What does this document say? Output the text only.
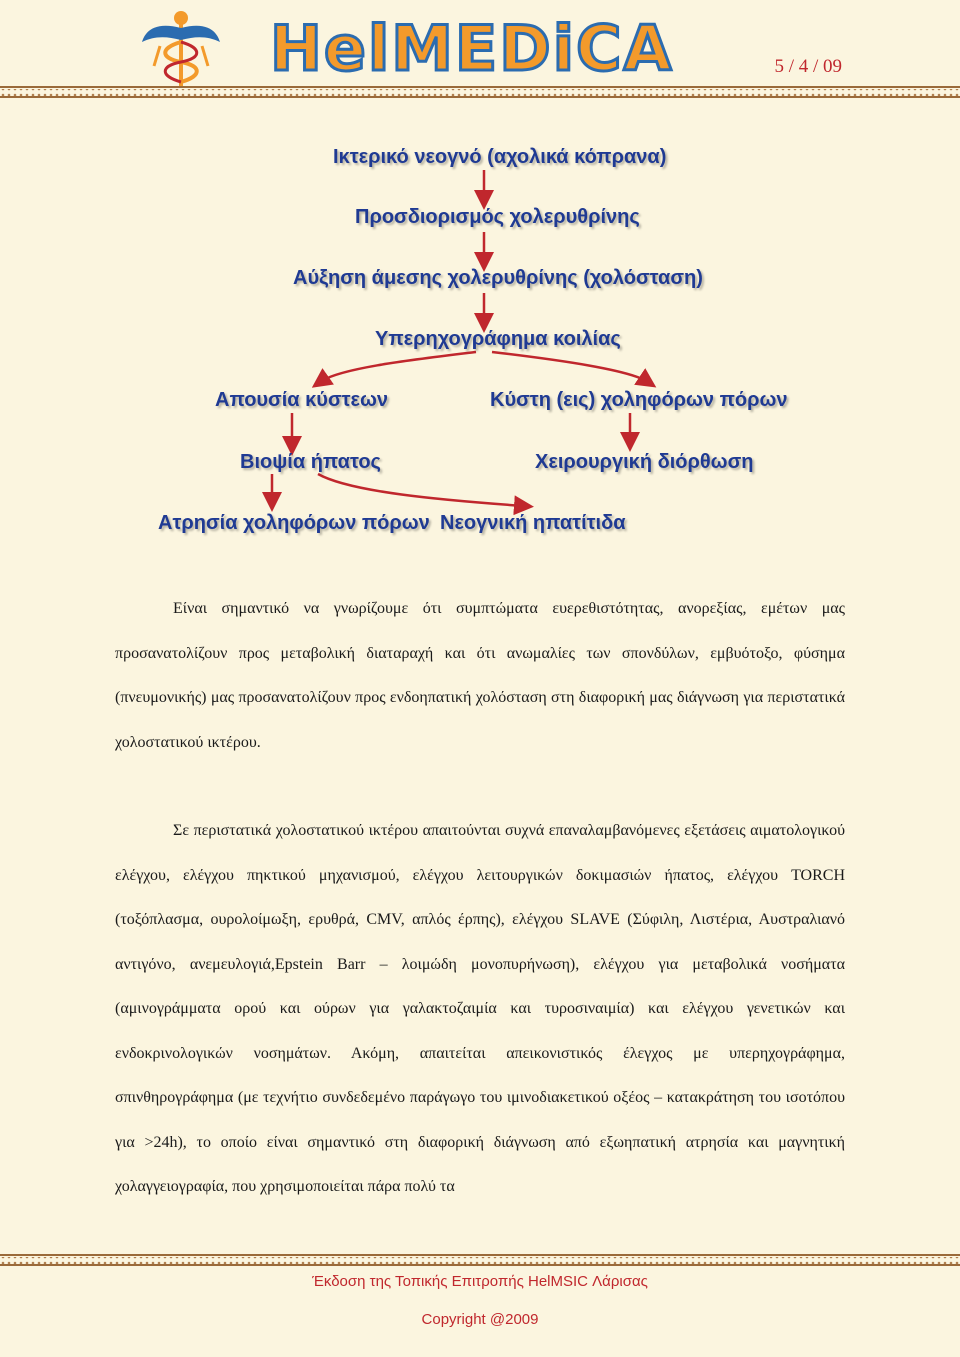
HelMEDiCA	5 / 4 / 09
Ικτερικό νεογνό (αχολικά κόπρανα)
Προσδιορισμός χολερυθρίνης
Αύξηση άμεσης χολερυθρίνης (χολόσταση)
Υπερηχογράφημα κοιλίας
Απουσία κύστεων	Κύστη (εις) χοληφόρων πόρων
Βιοψία ήπατος	Χειρουργική διόρθωση
Ατρησία χοληφόρων πόρων Νεογνική ηπατίτιδα

Είναι σημαντικό να γνωρίζουμε ότι συμπτώματα ευερεθιστότητας, ανορεξίας, εμέτων μας προσανατολίζουν προς μεταβολική διαταραχή και ότι ανωμαλίες των σπονδύλων, εμβυότοξο, φύσημα (πνευμονικής) μας προσανατολίζουν προς ενδοηπατική χολόσταση στη διαφορική μας διάγνωση για περιστατικά χολοστατικού ικτέρου.

Σε περιστατικά χολοστατικού ικτέρου απαιτούνται συχνά επαναλαμβανόμενες εξετάσεις αιματολογικού ελέγχου, ελέγχου πηκτικού μηχανισμού, ελέγχου λειτουργικών δοκιμασιών ήπατος, ελέγχου TORCH (τοξόπλασμα, ουρολοίμωξη, ερυθρά, CMV, απλός έρπης), ελέγχου SLAVE (Σύφιλη, Λιστέρια, Αυστραλιανό αντιγόνο, ανεμευλογιά,Epstein Barr – λοιμώδη μονοπυρήνωση), ελέγχου για μεταβολικά νοσήματα (αμινογράμματα ορού και ούρων για γαλακτοζαιμία και τυροσιναιμία) και ελέγχου γενετικών και ενδοκρινολογικών νοσημάτων. Ακόμη, απαιτείται απεικονιστικός έλεγχος με υπερηχογράφημα, σπινθηρογράφημα (με τεχνήτιο συνδεδεμένο παράγωγο του ιμινοδιακετικού οξέος – κατακράτηση του ισοτόπου για >24h), το οποίο είναι σημαντικό στη διαφορική διάγνωση από εξωηπατική ατρησία και μαγνητική χολαγγειογραφία, που χρησιμοποιείται πάρα πολύ τα

Έκδοση της Τοπικής Επιτροπής HelMSIC Λάρισας
Copyright @2009
